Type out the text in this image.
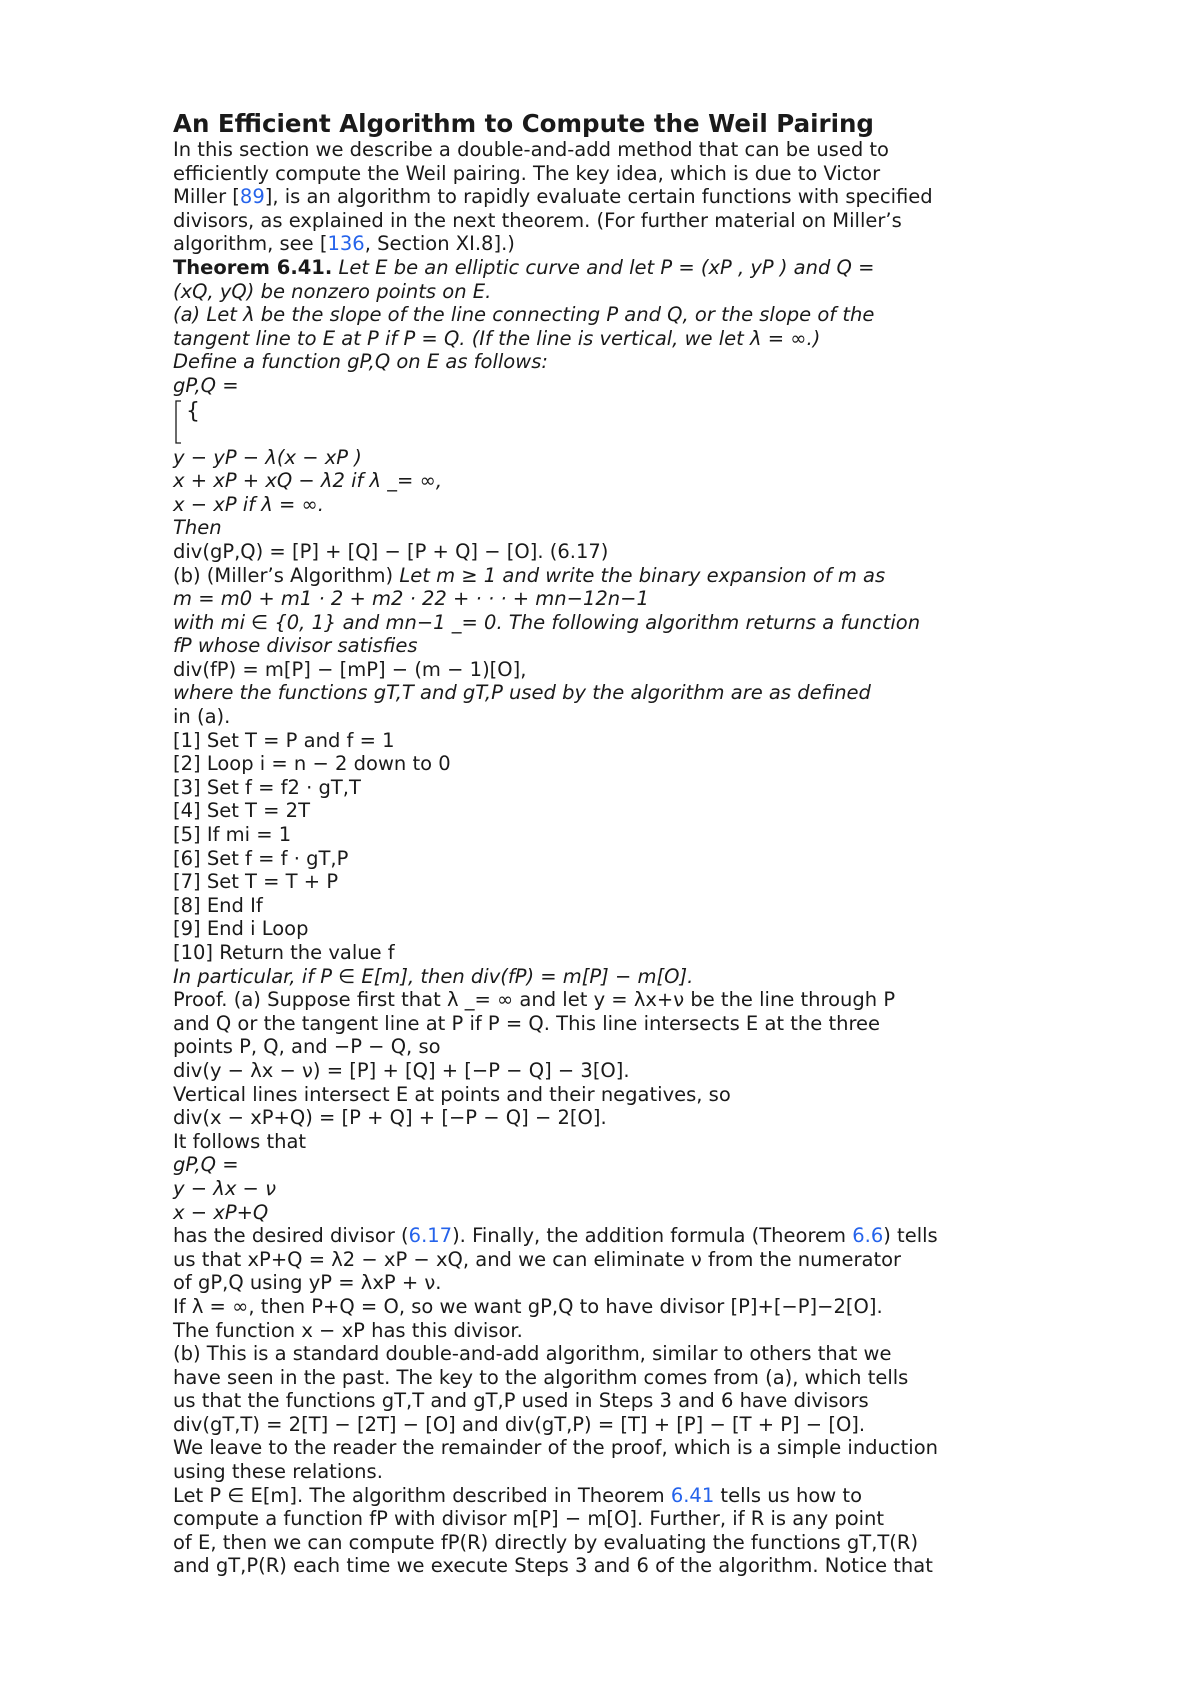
An Efficient Algorithm to Compute the Weil Pairing
In this section we describe a double-and-add method that can be used to
efficiently compute the Weil pairing. The key idea, which is due to Victor
Miller [89], is an algorithm to rapidly evaluate certain functions with specified
divisors, as explained in the next theorem. (For further material on Miller’s
algorithm, see [136, Section XI.8].)
Theorem 6.41. Let E be an elliptic curve and let P = (xP , yP ) and Q =
(xQ, yQ) be nonzero points on E.
(a) Let λ be the slope of the line connecting P and Q, or the slope of the
tangent line to E at P if P = Q. (If the line is vertical, we let λ = ∞.)
Define a function gP,Q on E as follows:
gP,Q =
{
y − yP − λ(x − xP )
x + xP + xQ − λ2 if λ _= ∞,
x − xP if λ = ∞.
Then
div(gP,Q) = [P] + [Q] − [P + Q] − [O]. (6.17)
(b) (Miller’s Algorithm) Let m ≥ 1 and write the binary expansion of m as
m = m0 + m1 · 2 + m2 · 22 + · · · + mn−12n−1
with mi ∈ {0, 1} and mn−1 _= 0. The following algorithm returns a function
fP whose divisor satisfies
div(fP) = m[P] − [mP] − (m − 1)[O],
where the functions gT,T and gT,P used by the algorithm are as defined
in (a).
[1] Set T = P and f = 1
[2] Loop i = n − 2 down to 0
[3] Set f = f2 · gT,T
[4] Set T = 2T
[5] If mi = 1
[6] Set f = f · gT,P
[7] Set T = T + P
[8] End If
[9] End i Loop
[10] Return the value f
In particular, if P ∈ E[m], then div(fP) = m[P] − m[O].
Proof. (a) Suppose first that λ _= ∞ and let y = λx+ν be the line through P
and Q or the tangent line at P if P = Q. This line intersects E at the three
points P, Q, and −P − Q, so
div(y − λx − ν) = [P] + [Q] + [−P − Q] − 3[O].
Vertical lines intersect E at points and their negatives, so
div(x − xP+Q) = [P + Q] + [−P − Q] − 2[O].
It follows that
gP,Q =
y − λx − ν
x − xP+Q
has the desired divisor (6.17). Finally, the addition formula (Theorem 6.6) tells
us that xP+Q = λ2 − xP − xQ, and we can eliminate ν from the numerator
of gP,Q using yP = λxP + ν.
If λ = ∞, then P+Q = O, so we want gP,Q to have divisor [P]+[−P]−2[O].
The function x − xP has this divisor.
(b) This is a standard double-and-add algorithm, similar to others that we
have seen in the past. The key to the algorithm comes from (a), which tells
us that the functions gT,T and gT,P used in Steps 3 and 6 have divisors
div(gT,T) = 2[T] − [2T] − [O] and div(gT,P) = [T] + [P] − [T + P] − [O].
We leave to the reader the remainder of the proof, which is a simple induction
using these relations.
Let P ∈ E[m]. The algorithm described in Theorem 6.41 tells us how to
compute a function fP with divisor m[P] − m[O]. Further, if R is any point
of E, then we can compute fP(R) directly by evaluating the functions gT,T(R)
and gT,P(R) each time we execute Steps 3 and 6 of the algorithm. Notice that
